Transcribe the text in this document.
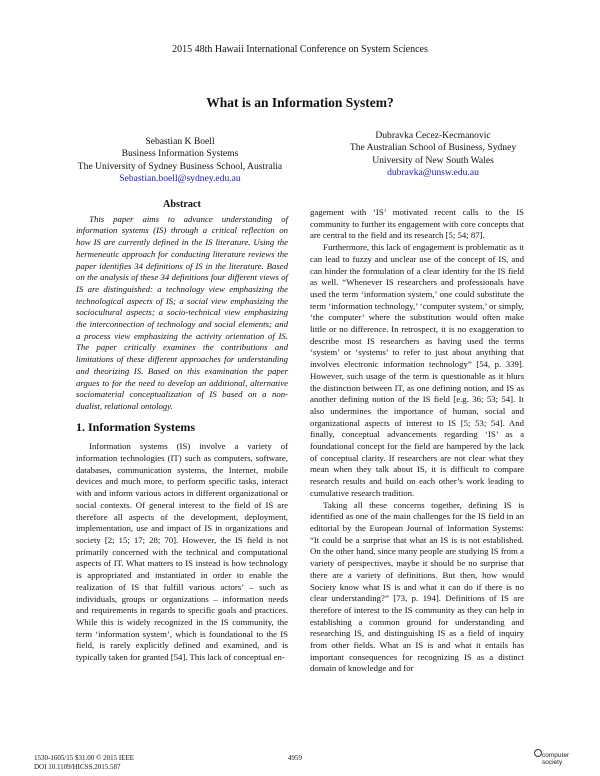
2015 48th Hawaii International Conference on System Sciences
What is an Information System?
Sebastian K Boell
Business Information Systems
The University of Sydney Business School, Australia
Sebastian.boell@sydney.edu.au
Dubravka Cecez-Kecmanovic
The Australian School of Business, Sydney
University of New South Wales
dubravka@unsw.edu.au
Abstract

This paper aims to advance understanding of information systems (IS) through a critical reflection on how IS are currently defined in the IS literature. Using the hermeneutic approach for conducting literature reviews the paper identifies 34 definitions of IS in the literature. Based on the analysis of these 34 definitions four different views of IS are distinguished: a technology view emphasizing the technological aspects of IS; a social view emphasizing the sociocultural aspects; a socio-technical view emphasizing the interconnection of technology and social elements; and a process view emphasizing the activity orientation of IS. The paper critically examines the contributions and limitations of these different approaches for understanding and theorizing IS. Based on this examination the paper argues to for the need to develop an additional, alternative sociomaterial conceptualization of IS based on a non-dualist, relational ontology.

1. Information Systems

Information systems (IS) involve a variety of information technologies (IT) such as computers, software, databases, communication systems, the Internet, mobile devices and much more, to perform specific tasks, interact with and inform various actors in different organizational or social contexts. Of general interest to the field of IS are therefore all aspects of the development, deployment, implementation, use and impact of IS in organizations and society [2; 15; 17; 28; 70]. However, the IS field is not primarily concerned with the technical and computational aspects of IT. What matters to IS instead is how technology is appropriated and instantiated in order to enable the realization of IS that fulfill various actors’ – such as individuals, groups or organizations – information needs and requirements in regards to specific goals and practices. While this is widely recognized in the IS community, the term ‘information system’, which is foundational to the IS field, is rarely explicitly defined and examined, and is typically taken for granted [54]. This lack of conceptual en-

gagement with ‘IS’ motivated recent calls to the IS community to further its engagement with core concepts that are central to the field and its research [5; 54; 87].

Furthermore, this lack of engagement is problematic as it can lead to fuzzy and unclear use of the concept of IS, and can hinder the formulation of a clear identity for the IS field as well. “Whenever IS researchers and professionals have used the term ‘information system,’ one could substitute the term ‘information technology,’ ‘computer system,’ or simply, ‘the computer’ where the substitution would often make little or no difference. In retrospect, it is no exaggeration to describe most IS researchers as having used the terms ‘system’ or ‘systems’ to refer to just about anything that involves electronic information technology” [54, p. 339]. However, such usage of the term is questionable as it blurs the distinction between IT, as one defining notion, and IS as another defining notion of the IS field [e.g. 36; 53; 54]. It also undermines the importance of human, social and organizational aspects of interest to IS [5; 53; 54]. And finally, conceptual advancements regarding ‘IS’ as a foundational concept for the field are hampered by the lack of conceptual clarity. If researchers are not clear what they mean when they talk about IS, it is difficult to compare research results and build on each other’s work leading to cumulative research tradition.

Taking all these concerns together, defining IS is identified as one of the main challenges for the IS field in an editorial by the European Journal of Information Systems: “It could be a surprise that what an IS is is not established. On the other hand, since many people are studying IS from a variety of perspectives, maybe it should be no surprise that there are a variety of definitions. But then, how would Society know what IS is and what it can do if there is no clear understanding?” [73, p. 194]. Definitions of IS are therefore of interest to the IS community as they can help in establishing a common ground for understanding and researching IS, and distinguishing IS as a field of inquiry from other fields. What an IS is and what it entails has important consequences for recognizing IS as a distinct domain of knowledge and for

1530-1605/15 $31.00 © 2015 IEEE
DOI 10.1109/HICSS.2015.587
4959	computer
society
